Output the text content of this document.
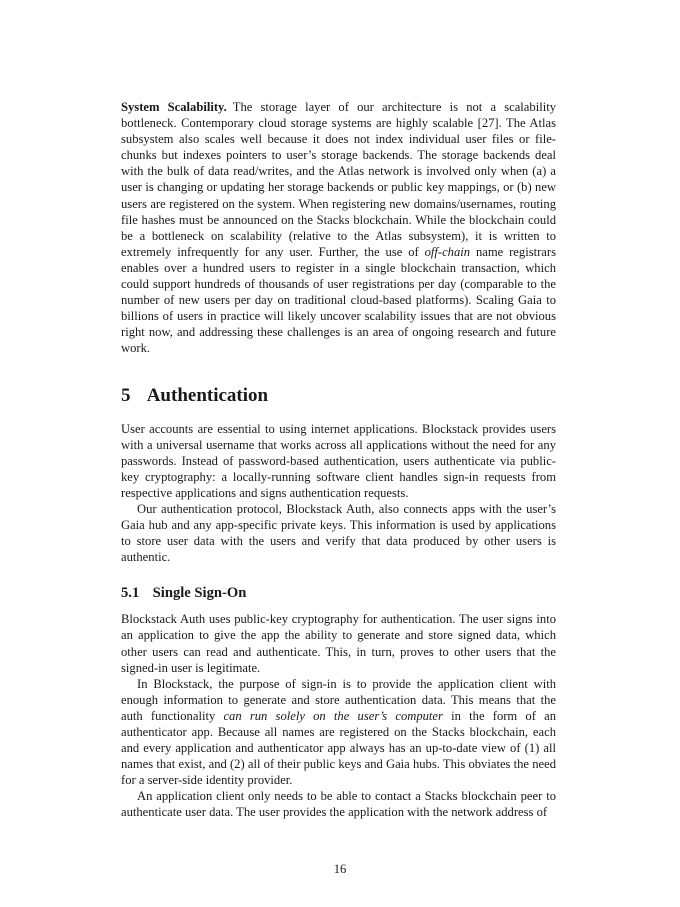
System Scalability. The storage layer of our architecture is not a scalability bottleneck. Contemporary cloud storage systems are highly scalable [27]. The Atlas subsystem also scales well because it does not index individual user files or file-chunks but indexes pointers to user’s storage backends. The storage backends deal with the bulk of data read/writes, and the Atlas network is involved only when (a) a user is changing or updating her storage backends or public key mappings, or (b) new users are registered on the system. When registering new domains/usernames, routing file hashes must be announced on the Stacks blockchain. While the blockchain could be a bottleneck on scalability (relative to the Atlas subsystem), it is written to extremely infrequently for any user. Further, the use of off-chain name registrars enables over a hundred users to register in a single blockchain transaction, which could support hundreds of thousands of user registrations per day (comparable to the number of new users per day on traditional cloud-based platforms). Scaling Gaia to billions of users in practice will likely uncover scalability issues that are not obvious right now, and addressing these challenges is an area of ongoing research and future work.

5 Authentication

User accounts are essential to using internet applications. Blockstack provides users with a universal username that works across all applications without the need for any passwords. Instead of password-based authentication, users authenticate via public-key cryptography: a locally-running software client handles sign-in requests from respective applications and signs authentication requests.

Our authentication protocol, Blockstack Auth, also connects apps with the user’s Gaia hub and any app-specific private keys. This information is used by applications to store user data with the users and verify that data produced by other users is authentic.

5.1 Single Sign-On

Blockstack Auth uses public-key cryptography for authentication. The user signs into an application to give the app the ability to generate and store signed data, which other users can read and authenticate. This, in turn, proves to other users that the signed-in user is legitimate.

In Blockstack, the purpose of sign-in is to provide the application client with enough information to generate and store authentication data. This means that the auth functionality can run solely on the user’s computer in the form of an authenticator app. Because all names are registered on the Stacks blockchain, each and every application and authenticator app always has an up-to-date view of (1) all names that exist, and (2) all of their public keys and Gaia hubs. This obviates the need for a server-side identity provider.

An application client only needs to be able to contact a Stacks blockchain peer to authenticate user data. The user provides the application with the network address of

16
